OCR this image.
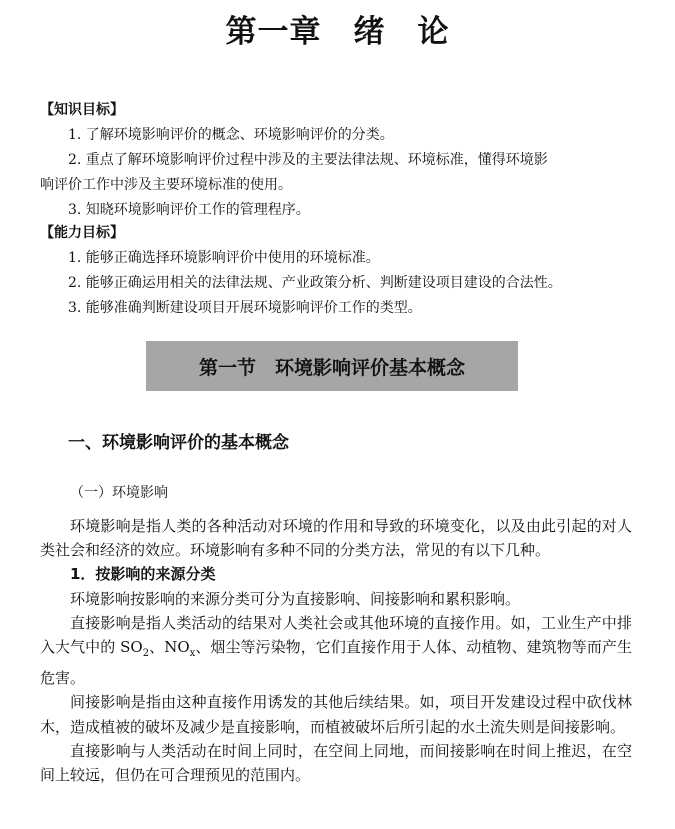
第一章　绪　论
【知识目标】
1. 了解环境影响评价的概念、环境影响评价的分类。
2. 重点了解环境影响评价过程中涉及的主要法律法规、环境标准，懂得环境影
响评价工作中涉及主要环境标准的使用。
3. 知晓环境影响评价工作的管理程序。
【能力目标】
1. 能够正确选择环境影响评价中使用的环境标准。
2. 能够正确运用相关的法律法规、产业政策分析、判断建设项目建设的合法性。
3. 能够准确判断建设项目开展环境影响评价工作的类型。
第一节　环境影响评价基本概念
一、环境影响评价的基本概念
（一）环境影响

环境影响是指人类的各种活动对环境的作用和导致的环境变化，以及由此引起的对人类社会和经济的效应。环境影响有多种不同的分类方法，常见的有以下几种。

1．按影响的来源分类

环境影响按影响的来源分类可分为直接影响、间接影响和累积影响。

直接影响是指人类活动的结果对人类社会或其他环境的直接作用。如，工业生产中排入大气中的 $SO_2$、$NO_x$、烟尘等污染物，它们直接作用于人体、动植物、建筑物等而产生危害。

间接影响是指由这种直接作用诱发的其他后续结果。如，项目开发建设过程中砍伐林木，造成植被的破坏及减少是直接影响，而植被破坏后所引起的水土流失则是间接影响。

直接影响与人类活动在时间上同时，在空间上同地，而间接影响在时间上推迟，在空间上较远，但仍在可合理预见的范围内。
